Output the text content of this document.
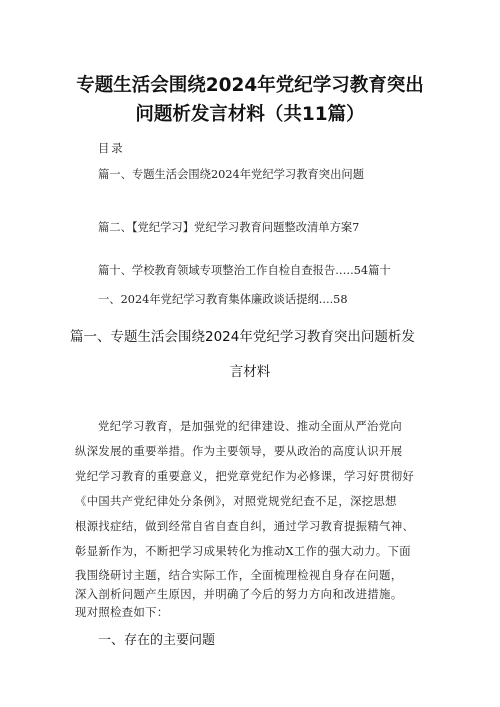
专题生活会围绕2024年党纪学习教育突出
问题析发言材料（共11篇）
目录
篇一、专题生活会围绕2024年党纪学习教育突出问题
篇二、【党纪学习】党纪学习教育问题整改清单方案7
篇十、学校教育领域专项整治工作自检自查报告.….54篇十
一、2024年党纪学习教育集体廉政谈话提纲....58
篇一、专题生活会围绕2024年党纪学习教育突出问题析发
言材料
党纪学习教育，是加强党的纪律建设、推动全面从严治党向
纵深发展的重要举措。作为主要领导，要从政治的高度认识开展
党纪学习教育的重要意义，把党章党纪作为必修课，学习好贯彻好
《中国共产党纪律处分条例》，对照党规党纪查不足，深挖思想
根源找症结，做到经常自省自查自纠，通过学习教育提振精气神、
彰显新作为，不断把学习成果转化为推动X工作的强大动力。下面
我围绕研讨主题，结合实际工作，全面梳理检视自身存在问题，
深入剖析问题产生原因，并明确了今后的努力方向和改进措施。
现对照检查如下：
一、存在的主要问题
